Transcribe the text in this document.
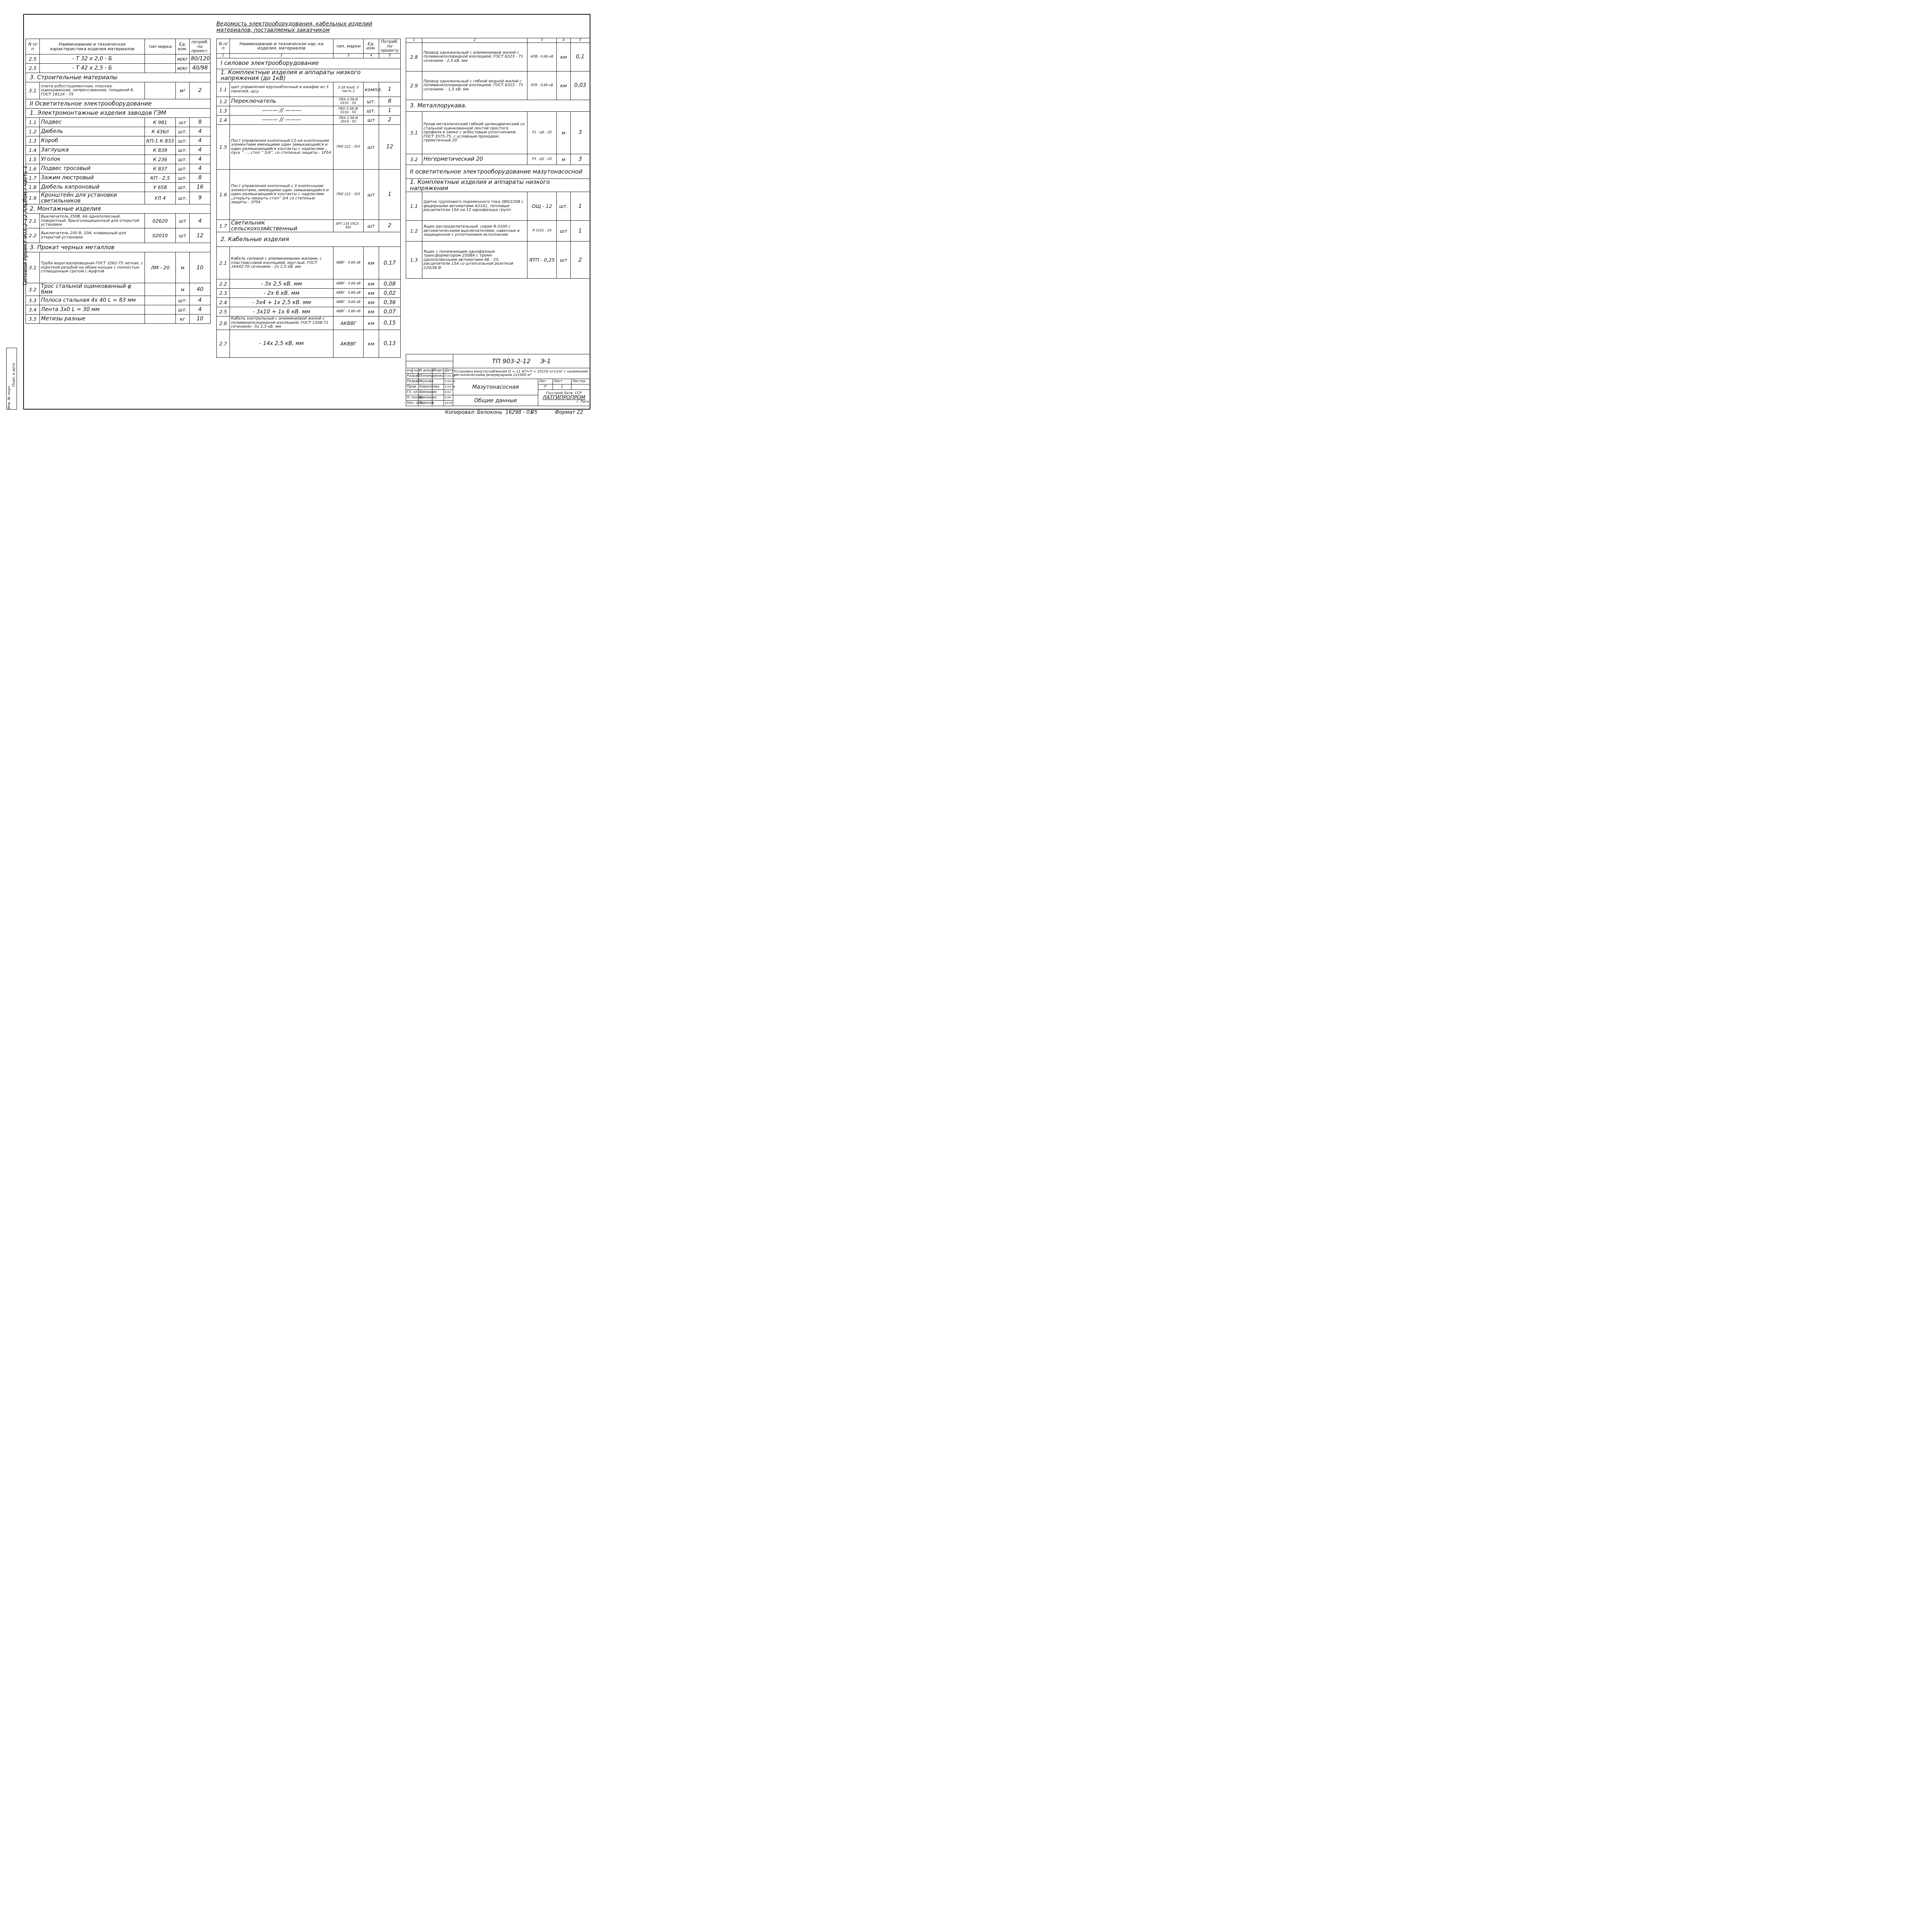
Типовой проект 903-2-12 Альбом I часть 1
Инв. № подл.
Подп. и дата
Ведомость электрооборудования, кабельных изделий
материалов, поставляемых заказчиком
N п/п	Наименование и техническая характеристика изделия материалов	тип марка	Ед. изм.	потреб. по проект.
2.5	- Т 32 х 2,0 - Б		м/кг	80/120
2.5	- Т 42 х 2,5 - Б		м/кг	40/98
3. Строительные материалы				
3.1	плита асбестоцементная, плоская, оцинцованная, непрессованная, толщиной 8, ГОСТ 18124 - 75		м²	2
II Осветительное электрооборудование				
1. Электромонтажные изделия заводов ГЭМ				
1.1	Подвес	К 981	шт	8
1.2	Дюбель	К 436/I	шт.	4
1.3	Короб	КП-1 К 833	шт.	4
1.4	Заглушка	К 839	шт.	4
1.5	Уголок	К 236	шт.	4
1.6	Подвес тросовый	К 837	шт.	4
1.7	Зажим люстровый	КП - 2,5	шт.	8
1.8	Дюбель капроновый	У 658	шт.	16
1.9	Кронштейн для установки светильников	УЛ 4	шт.	9
2. Монтажные изделия				
2.1	Выключатель 250В, 6А однополюсный, поворотный, брызгозащищенный для открытой установки	02620	шт	4
2.2	Выключатель 250 В, 10А, клавишный для открытой установки	02010	шт	12
3. Прокат черных металлов				
3.1	Труба водогазопроводная ГОСТ 3262-75 легкая, с короткой резьбой на обоих концах с полностью сплющенным гротом с муфтой	ЛМ - 20	м	10
3.2	Трос стальной оцинкованный φ 6мм		м	40
3.3	Полоса стальная 4х 40 L = 83 мм		шт.	4
3.4	Лента 3х0 L = 30 мм		шт.	4
3.5	Метизы разные		кг	10
N п/п	Наименование и техническая хар.-ка изделия, материалов	тип, марки	Ед. изм.	Потреб. по проекту
1	2	3	4	5
I силовое электрооборудование				
1. Комплектные изделия и аппараты низкого напряжения (до 1кВ)				
1.1	щит управления крупноблочный в шкафах из 3 панелей, щсу.	3-18 Альб. V часть 2	компл.	1
1.2	Переключатель	ПКУ-3-58 И 0101 - У2	шт.	8
1.3	——— // ———	ПКУ-3-58 Ж 0102 - У2	шт.	1
1.4	——— // ———	ПКУ-3-58 И 2014 - У2	шт	2
1.5	Пост управления кнопочный С2-ня кнопочными элементами имеющими один замыкающийся и один размыкающийся контакты с надписями „ пуск ” - „ стоп ” 3/4”, со степенью защиты - 1Р54	ПКЕ 222 - 2У3	шт	12
1.6	Пост управления кнопочный с 3 кнопочными элементами, имеющими один замыкающийся и один размыкающийся контакты с надписями „открыть-закрыть-стоп” 3/4 со степенью защиты - 1Р54	ПКЕ 222 - 3У3	шт	1
1.7	Светильник сельскохозяйственный	АРТ 135 (ПСХ - 60)	шт	2
2. Кабельные изделия				
2.1	Кабель силовой с алюминиевыми жилами, с пластмассовой изоляцией, круглый, ГОСТ 16442-70 сечением - 2х 2,5 кВ, мм	АВВГ - 0,66 кВ	км	0,17
2.2	- 3х 2,5 кВ. мм	АВВГ - 0,66 кВ	км	0,08
2.3	- 2х 6 кВ. мм	АВВГ - 0,66 кВ	км	0,02
2.4	- 3х4 + 1х 2,5 кВ. мм	АВВГ - 0,66 кВ	км	0,36
2.5	- 3х10 + 1х 6 кВ. мм	АВВГ - 0,66 кВ	км	0,07
2.6	Кабель контрольный с алюминиевой жилой с поливинилхлоридной изоляцией, ГОСТ 1508-71 сечением:- 5х 2,5 кВ. мм	АКВВГ	км	0,15
2.7	- 14х 2,5 кВ, мм	АКВВГ	км	0,13
1	2	3	4	5
2.8	Провод одножильный с алюминиевой жилой с поливинилхлоридной изоляцией, ГОСТ 6323 - 71 сечением - 2,5 кВ. мм	АПВ - 0,66 кВ	км	0,1
2.9	Провод одножильный с гибкой медной жилой с поливинилхлоридной изоляцией, ГОСТ 6323 - 71 сечением: - 1,5 кВ. мм	ПГВ - 0,66 кВ	км	0,03
3. Металлорукава.				
3.1	Рукав металлический гибкий цилиндрический со стальной оцинкованной лентой простого профиля в замке с асбестовым уплотнением, ГОСТ 3575-75, с условным проходом; герметичный 20	Р1 - ЦА - 20	м	3
3.2	Негерметический 20	Р3 - ЦХ - 20	м	3
II осветительное электрооборудование мазутонасосной				
1. Комплектные изделия и аппараты низкого напряжения				
1.1	Щиток группового переменного тока 380/220В с фидерными автоматами А3161, тепловые расцепители 15А на 12 однофазных групп	ОЩ - 12	шт.	1
1.2	Ящик распределительный, серии Я-3100 с автоматическими выключателями, навесные в защищенном с уплотнением исполнении	Я 3161 - 24	шт	1
1.3	Ящик с понижающим однофазным трансформатором 250ВА с тремя однополюсными автоматами АБ - 25, расцепители 15А со штепсельной розеткой 220/36 В	ЯТП - 0,25	шт	2
					ТП 903-2-12 Э-1			

Изм.	Лист	N докум.	Подп.	Дата	Установка мазутоснабжения Q = 11 м³/ч Р = 25(10) кгс/см² с наземными металлическими резервуарами 2х1000 м³			
Разраб.		Пономаренко		5.04.78				
Разраб.		Жукова		5.04.78	Мазутонасосная	Лит	Лист	Листов
Пров.		Кириллова		5.04.78		Р	2	
Гл. эл.		Викманис		6.04		Госстрой Латв. ССР
ЛАТГИПРОПРОМ
г. Рига		

Н. контр.		Викманис		6.04	Общие данные			
Нач. отд.		Терехов		10.04				
Копировал: Белоконь 16298 - 01
45	Формат 22
